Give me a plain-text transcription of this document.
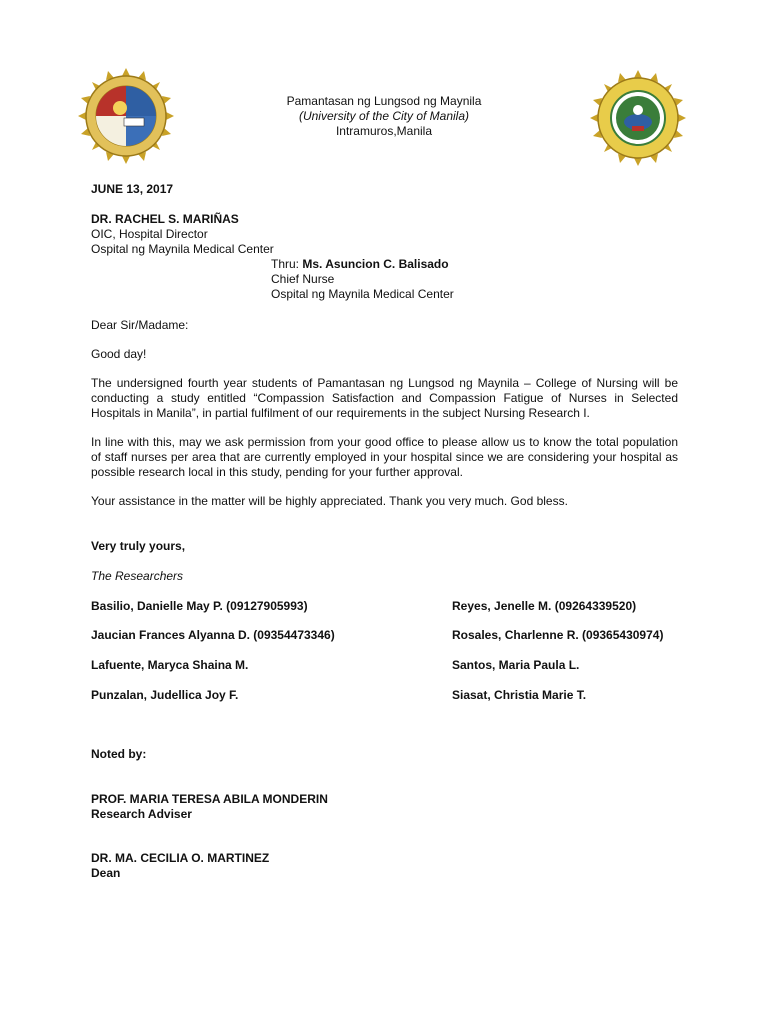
Pamantasan ng Lungsod ng Maynila
(University of the City of Manila)
Intramuros,Manila
JUNE 13, 2017
DR. RACHEL S. MARIÑAS
OIC, Hospital Director
Ospital ng Maynila Medical Center
Thru: Ms. Asuncion C. Balisado
Chief Nurse
Ospital ng Maynila Medical Center
Dear Sir/Madame:
Good day!
The undersigned fourth year students of Pamantasan ng Lungsod ng Maynila – College of Nursing will be conducting a study entitled “Compassion Satisfaction and Compassion Fatigue of Nurses in Selected Hospitals in Manila”, in partial fulfilment of our requirements in the subject Nursing Research I.
In line with this, may we ask permission from your good office to please allow us to know the total population of staff nurses per area that are currently employed in your hospital since we are considering your hospital as possible research local in this study, pending for your further approval.
Your assistance in the matter will be highly appreciated. Thank you very much. God bless.
Very truly yours,
The Researchers
Basilio, Danielle May P. (09127905993)
Jaucian Frances Alyanna D. (09354473346)
Lafuente, Maryca Shaina M.
Punzalan, Judellica Joy F.
Reyes, Jenelle M. (09264339520)
Rosales, Charlenne R. (09365430974)
Santos, Maria Paula L.
Siasat, Christia Marie T.
Noted by:
PROF. MARIA TERESA ABILA MONDERIN
Research Adviser
DR. MA. CECILIA O. MARTINEZ
Dean
